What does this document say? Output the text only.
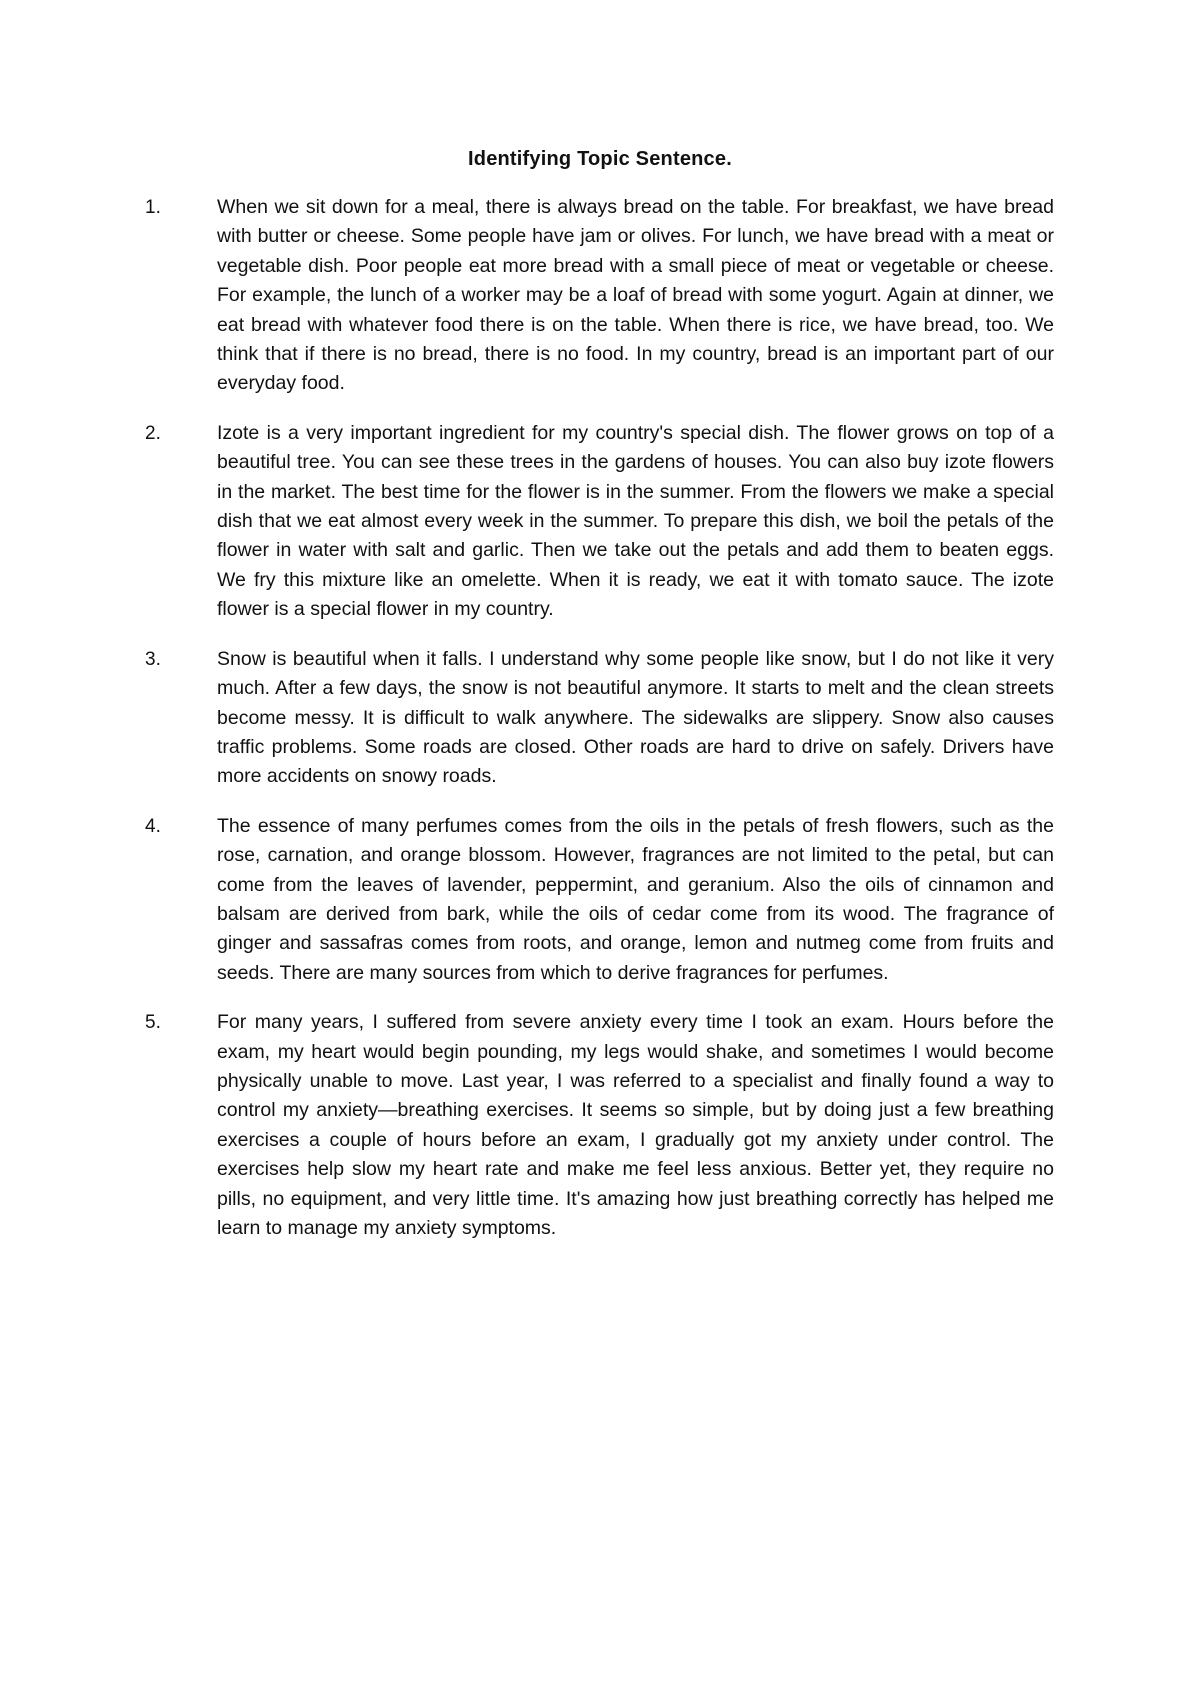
Identifying Topic Sentence.
1.	When we sit down for a meal, there is always bread on the table. For breakfast, we have bread with butter or cheese. Some people have jam or olives. For lunch, we have bread with a meat or vegetable dish. Poor people eat more bread with a small piece of meat or vegetable or cheese. For example, the lunch of a worker may be a loaf of bread with some yogurt. Again at dinner, we eat bread with whatever food there is on the table. When there is rice, we have bread, too. We think that if there is no bread, there is no food. In my country, bread is an important part of our everyday food.
2.	Izote is a very important ingredient for my country's special dish. The flower grows on top of a beautiful tree. You can see these trees in the gardens of houses. You can also buy izote flowers in the market. The best time for the flower is in the summer. From the flowers we make a special dish that we eat almost every week in the summer. To prepare this dish, we boil the petals of the flower in water with salt and garlic. Then we take out the petals and add them to beaten eggs. We fry this mixture like an omelette. When it is ready, we eat it with tomato sauce. The izote flower is a special flower in my country.
3.	Snow is beautiful when it falls. I understand why some people like snow, but I do not like it very much. After a few days, the snow is not beautiful anymore. It starts to melt and the clean streets become messy. It is difficult to walk anywhere. The sidewalks are slippery. Snow also causes traffic problems. Some roads are closed. Other roads are hard to drive on safely. Drivers have more accidents on snowy roads.
4.	The essence of many perfumes comes from the oils in the petals of fresh flowers, such as the rose, carnation, and orange blossom. However, fragrances are not limited to the petal, but can come from the leaves of lavender, peppermint, and geranium. Also the oils of cinnamon and balsam are derived from bark, while the oils of cedar come from its wood. The fragrance of ginger and sassafras comes from roots, and orange, lemon and nutmeg come from fruits and seeds. There are many sources from which to derive fragrances for perfumes.
5.	For many years, I suffered from severe anxiety every time I took an exam. Hours before the exam, my heart would begin pounding, my legs would shake, and sometimes I would become physically unable to move. Last year, I was referred to a specialist and finally found a way to control my anxiety—breathing exercises. It seems so simple, but by doing just a few breathing exercises a couple of hours before an exam, I gradually got my anxiety under control. The exercises help slow my heart rate and make me feel less anxious. Better yet, they require no pills, no equipment, and very little time. It's amazing how just breathing correctly has helped me learn to manage my anxiety symptoms.
